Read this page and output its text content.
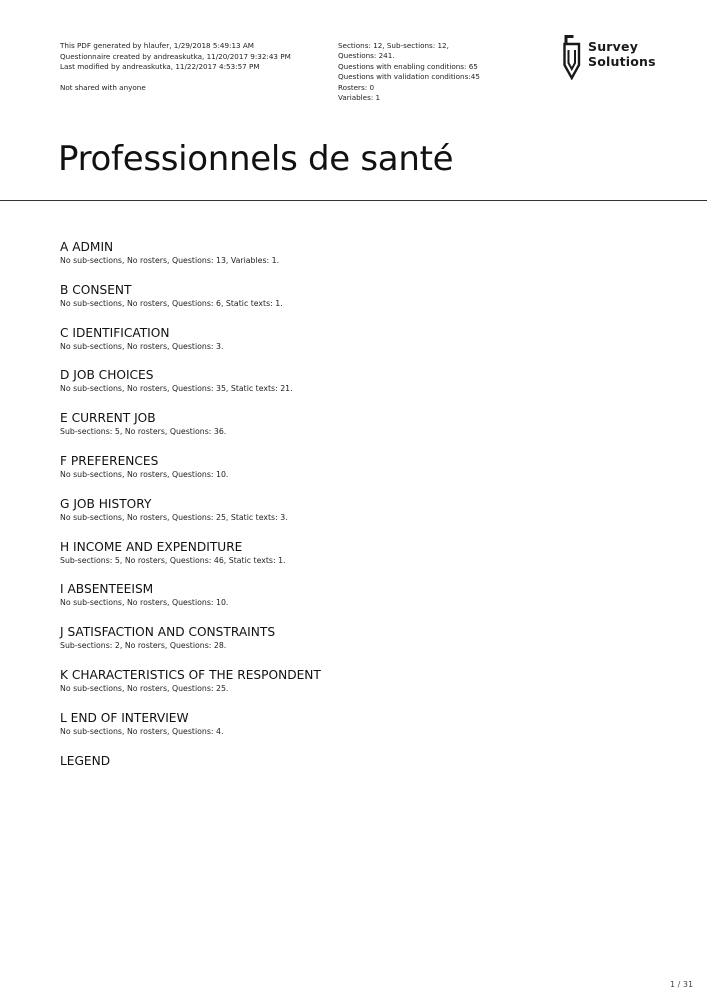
This PDF generated by hlaufer, 1/29/2018 5:49:13 AM
Questionnaire created by andreaskutka, 11/20/2017 9:32:43 PM
Last modified by andreaskutka, 11/22/2017 4:53:57 PM
Not shared with anyone
Sections: 12, Sub-sections: 12,
Questions: 241.
Questions with enabling conditions: 65
Questions with validation conditions:45
Rosters: 0
Variables: 1
Survey
Solutions
Professionnels de santé
A ADMIN
No sub-sections, No rosters, Questions: 13, Variables: 1.
B CONSENT
No sub-sections, No rosters, Questions: 6, Static texts: 1.
C IDENTIFICATION
No sub-sections, No rosters, Questions: 3.
D JOB CHOICES
No sub-sections, No rosters, Questions: 35, Static texts: 21.
E CURRENT JOB
Sub-sections: 5, No rosters, Questions: 36.
F PREFERENCES
No sub-sections, No rosters, Questions: 10.
G JOB HISTORY
No sub-sections, No rosters, Questions: 25, Static texts: 3.
H INCOME AND EXPENDITURE
Sub-sections: 5, No rosters, Questions: 46, Static texts: 1.
I ABSENTEEISM
No sub-sections, No rosters, Questions: 10.
J SATISFACTION AND CONSTRAINTS
Sub-sections: 2, No rosters, Questions: 28.
K CHARACTERISTICS OF THE RESPONDENT
No sub-sections, No rosters, Questions: 25.
L END OF INTERVIEW
No sub-sections, No rosters, Questions: 4.
LEGEND
1 / 31
